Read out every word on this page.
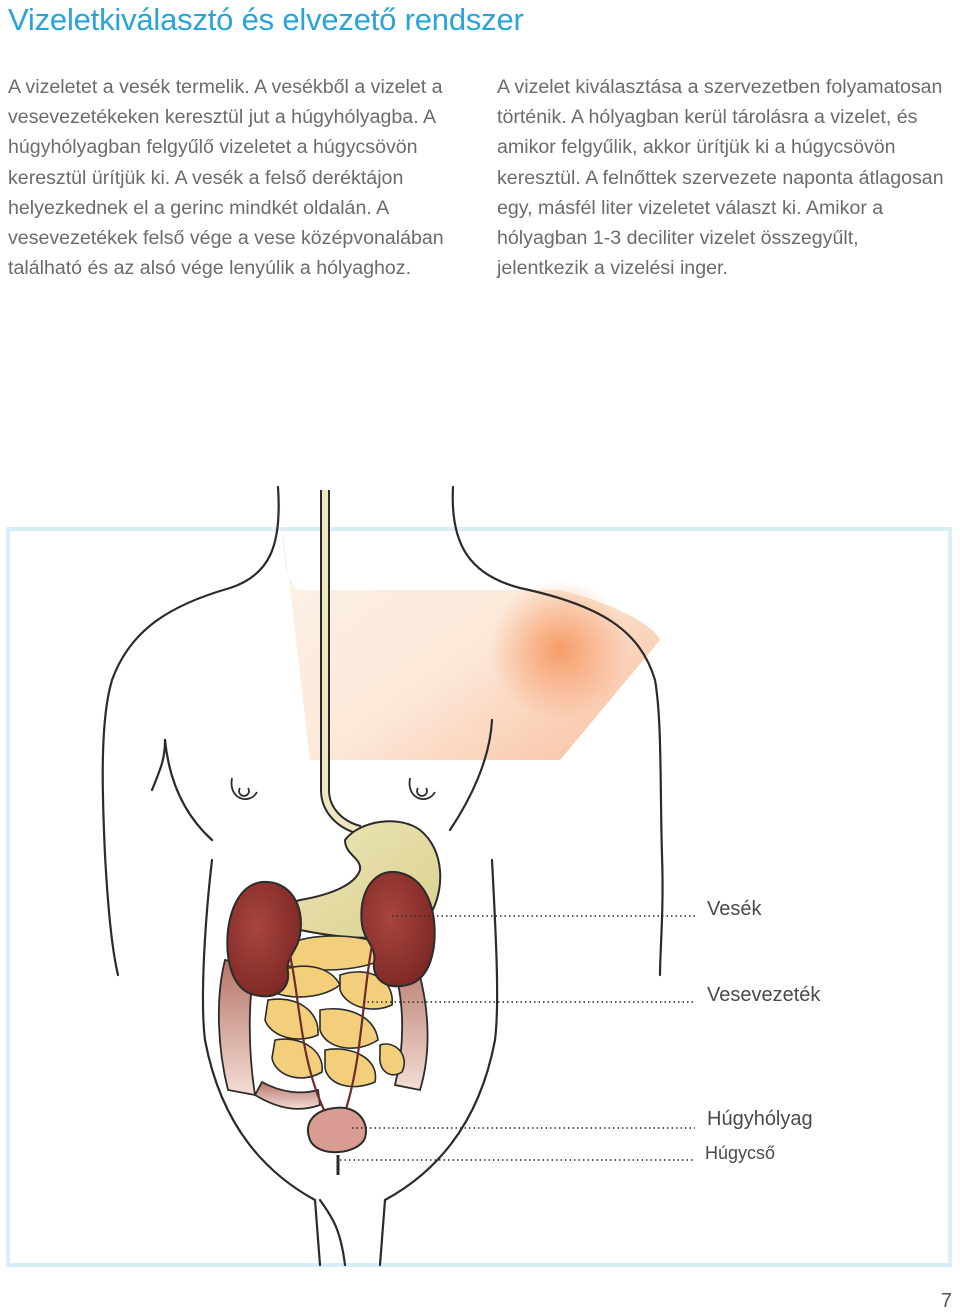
Vizeletkiválasztó és elvezető rendszer

A vizeletet a vesék termelik. A vesékből a vizelet a vesevezetékeken keresztül jut a húgyhólyagba. A húgyhólyagban felgyűlő vizeletet a húgycsövön keresztül ürítjük ki. A vesék a felső deréktájon helyezkednek el a gerinc mindkét oldalán. A vesevezetékek felső vége a vese középvonalában található és az alsó vége lenyúlik a hólyaghoz.

A vizelet kiválasztása a szervezetben folyamatosan történik. A hólyagban kerül tárolásra a vizelet, és amikor felgyűlik, akkor ürítjük ki a húgycsövön keresztül. A felnőttek szervezete naponta átlagosan egy, másfél liter vizeletet választ ki. Amikor a hólyagban 1-3 deciliter vizelet összegyűlt, jelentkezik a vizelési inger.

Vesék
Vesevezeték
Húgyhólyag
Húgycső
7
